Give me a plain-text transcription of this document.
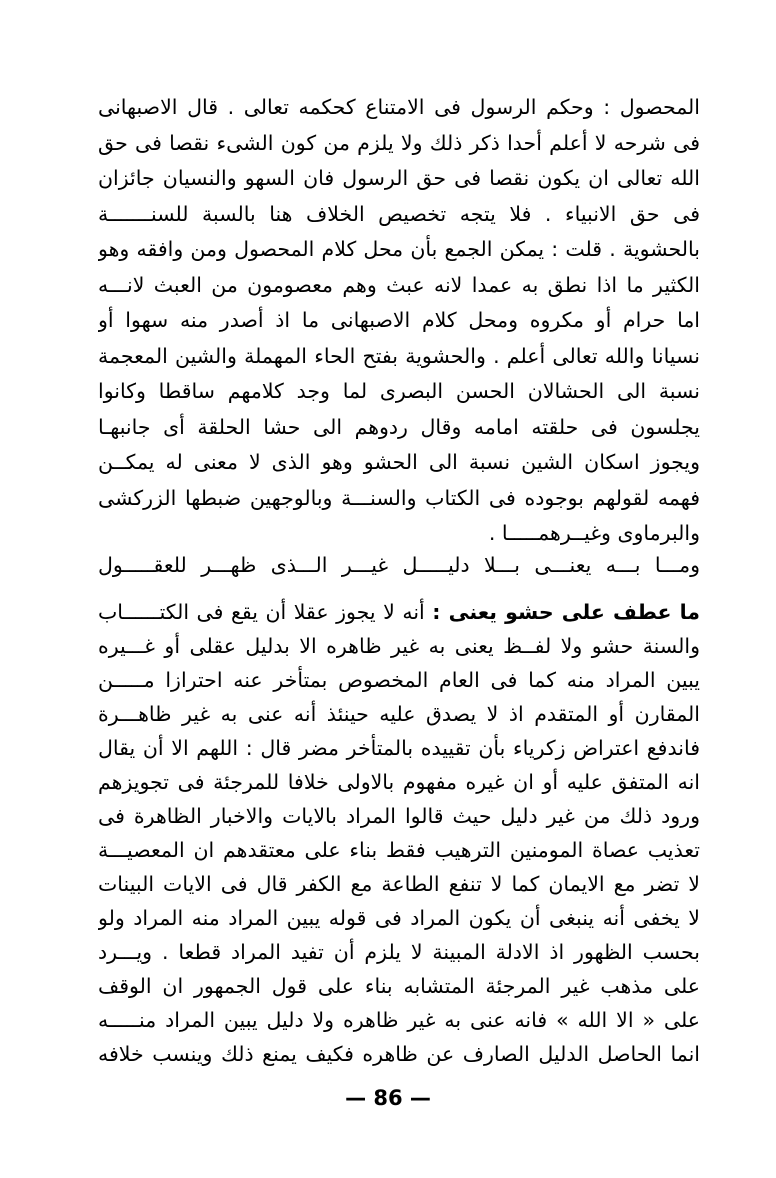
المحصول : وحكم الرسول فى الامتناع كحكمه تعالى . قال الاصبهانى
فى شرحه لا أعلم أحدا ذكر ذلك ولا يلزم من كون الشىء نقصا فى حق
الله تعالى ان يكون نقصا فى حق الرسول فان السهو والنسيان جائزان
فى حق الانبياء . فلا يتجه تخصيص الخلاف هنا بالسبة للسنـــــــة
بالحشوية . قلت : يمكن الجمع بأن محل كلام المحصول ومن وافقه وهو
الكثير ما اذا نطق به عمدا لانه عبث وهم معصومون من العبث لانـــه
اما حرام أو مكروه ومحل كلام الاصبهانى ما اذ أصدر منه سهوا أو
نسيانا والله تعالى أعلم . والحشوية بفتح الحاء المهملة والشين المعجمة
نسبة الى الحشالان الحسن البصرى لما وجد كلامهم ساقطا وكانوا
يجلسون فى حلقته امامه وقال ردوهم الى حشا الحلقة أى جانبهـا
ويجوز اسكان الشين نسبة الى الحشو وهو الذى لا معنى له يمكــن
فهمه لقولهم بوجوده فى الكتاب والسنـــة وبالوجهين ضبطها الزركشى
والبرماوى وغيــرهمـــــا .
ومـــا بـــه يعنـــى بـــلا دليـــــل غيـــر الـــذى ظهـــر للعقـــــول
ما عطف على حشو يعنى : أنه لا يجوز عقلا أن يقع فى الكتــــــاب
والسنة حشو ولا لفــظ يعنى به غير ظاهره الا بدليل عقلى أو غـــيره
يبين المراد منه كما فى العام المخصوص بمتأخر عنه احترازا مـــــن
المقارن أو المتقدم اذ لا يصدق عليه حينئذ أنه عنى به غير ظاهـــرة
فاندفع اعتراض زكرياء بأن تقييده بالمتأخر مضر قال : اللهم الا أن يقال
انه المتفق عليه أو ان غيره مفهوم بالاولى خلافا للمرجئة فى تجويزهم
ورود ذلك من غير دليل حيث قالوا المراد بالايات والاخبار الظاهرة فى
تعذيب عصاة المومنين الترهيب فقط بناء على معتقدهم ان المعصيـــة
لا تضر مع الايمان كما لا تنفع الطاعة مع الكفر قال فى الايات البينات
لا يخفى أنه ينبغى أن يكون المراد فى قوله يبين المراد منه المراد ولو
بحسب الظهور اذ الادلة المبينة لا يلزم أن تفيد المراد قطعا . ويـــرد
على مذهب غير المرجئة المتشابه بناء على قول الجمهور ان الوقف
على « الا الله » فانه عنى به غير ظاهره ولا دليل يبين المراد منـــــه
انما الحاصل الدليل الصارف عن ظاهره فكيف يمنع ذلك وينسب خلافه
— 86 —
